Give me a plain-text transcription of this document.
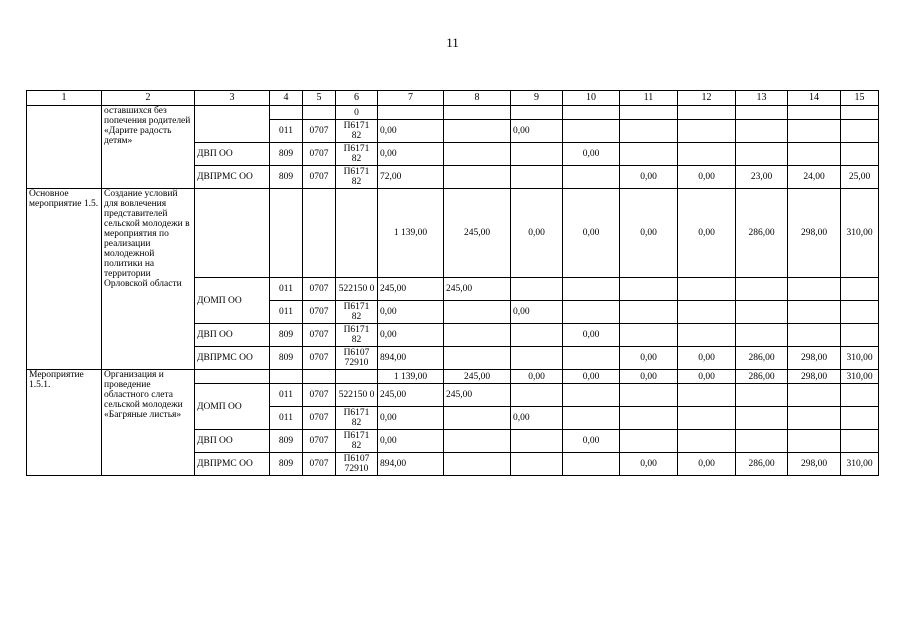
11
1	2	3	4	5	6	7	8	9	10	11	12	13	14	15
	оставшихся без попечения родителей «Дарите радость детям»				0									
			011	0707	П6171 82	0,00		0,00						
		ДВП ОО	809	0707	П6171 82	0,00			0,00					
		ДВПРМС ОО	809	0707	П6171 82	72,00				0,00	0,00	23,00	24,00	25,00
Основное мероприятие 1.5.	Создание условий для вовлечения представителей сельской молодежи в мероприятия по реализации молодежной политики на территории Орловской области					1 139,00	245,00	0,00	0,00	0,00	0,00	286,00	298,00	310,00
		ДОМП ОО	011	0707	522150 0	245,00	245,00							
			011	0707	П6171 82	0,00		0,00						
		ДВП ОО	809	0707	П6171 82	0,00			0,00					
		ДВПРМС ОО	809	0707	П6107 72910	894,00				0,00	0,00	286,00	298,00	310,00
Мероприятие 1.5.1.	Организация и проведение областного слета сельской молодежи «Багряные листья»					1 139,00	245,00	0,00	0,00	0,00	0,00	286,00	298,00	310,00
		ДОМП ОО	011	0707	522150 0	245,00	245,00							
			011	0707	П6171 82	0,00		0,00						
		ДВП ОО	809	0707	П6171 82	0,00			0,00					
		ДВПРМС ОО	809	0707	П6107 72910	894,00				0,00	0,00	286,00	298,00	310,00
